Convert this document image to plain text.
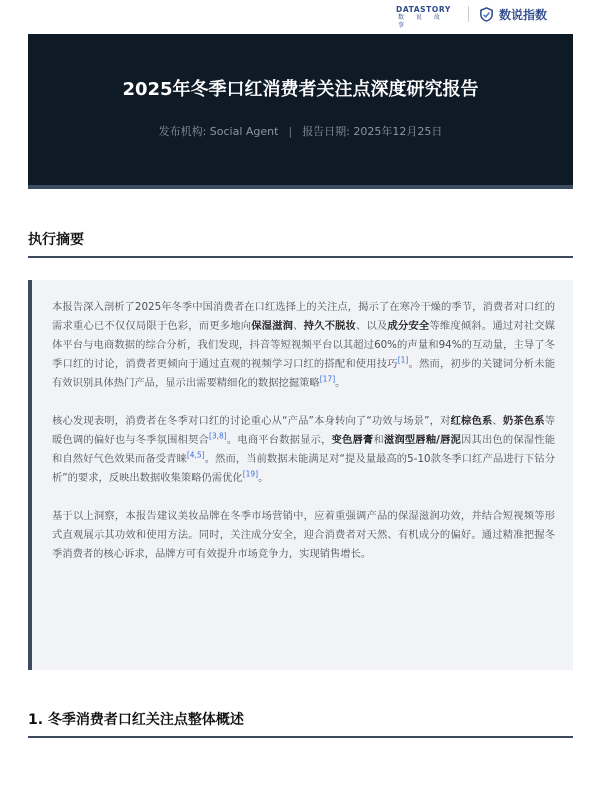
DATASTORY
数 说 故 事
数说指数
2025年冬季口红消费者关注点深度研究报告
发布机构: Social Agent | 报告日期: 2025年12月25日
执行摘要

本报告深入剖析了2025年冬季中国消费者在口红选择上的关注点，揭示了在寒冷干燥的季节，消费者对口红的需求重心已不仅仅局限于色彩，而更多地向保湿滋润、持久不脱妆、以及成分安全等维度倾斜。通过对社交媒体平台与电商数据的综合分析，我们发现，抖音等短视频平台以其超过60%的声量和94%的互动量，主导了冬季口红的讨论，消费者更倾向于通过直观的视频学习口红的搭配和使用技巧[1]。然而，初步的关键词分析未能有效识别具体热门产品，显示出需要精细化的数据挖掘策略[17]。

核心发现表明，消费者在冬季对口红的讨论重心从“产品”本身转向了“功效与场景”，对红棕色系、奶茶色系等暖色调的偏好也与冬季氛围相契合[3,8]。电商平台数据显示，变色唇膏和滋润型唇釉/唇泥因其出色的保湿性能和自然好气色效果而备受青睐[4,5]。然而，当前数据未能满足对“提及量最高的5-10款冬季口红产品进行下钻分析”的要求，反映出数据收集策略仍需优化[19]。

基于以上洞察，本报告建议美妆品牌在冬季市场营销中，应着重强调产品的保湿滋润功效，并结合短视频等形式直观展示其功效和使用方法。同时，关注成分安全，迎合消费者对天然、有机成分的偏好。通过精准把握冬季消费者的核心诉求，品牌方可有效提升市场竞争力，实现销售增长。

1. 冬季消费者口红关注点整体概述
